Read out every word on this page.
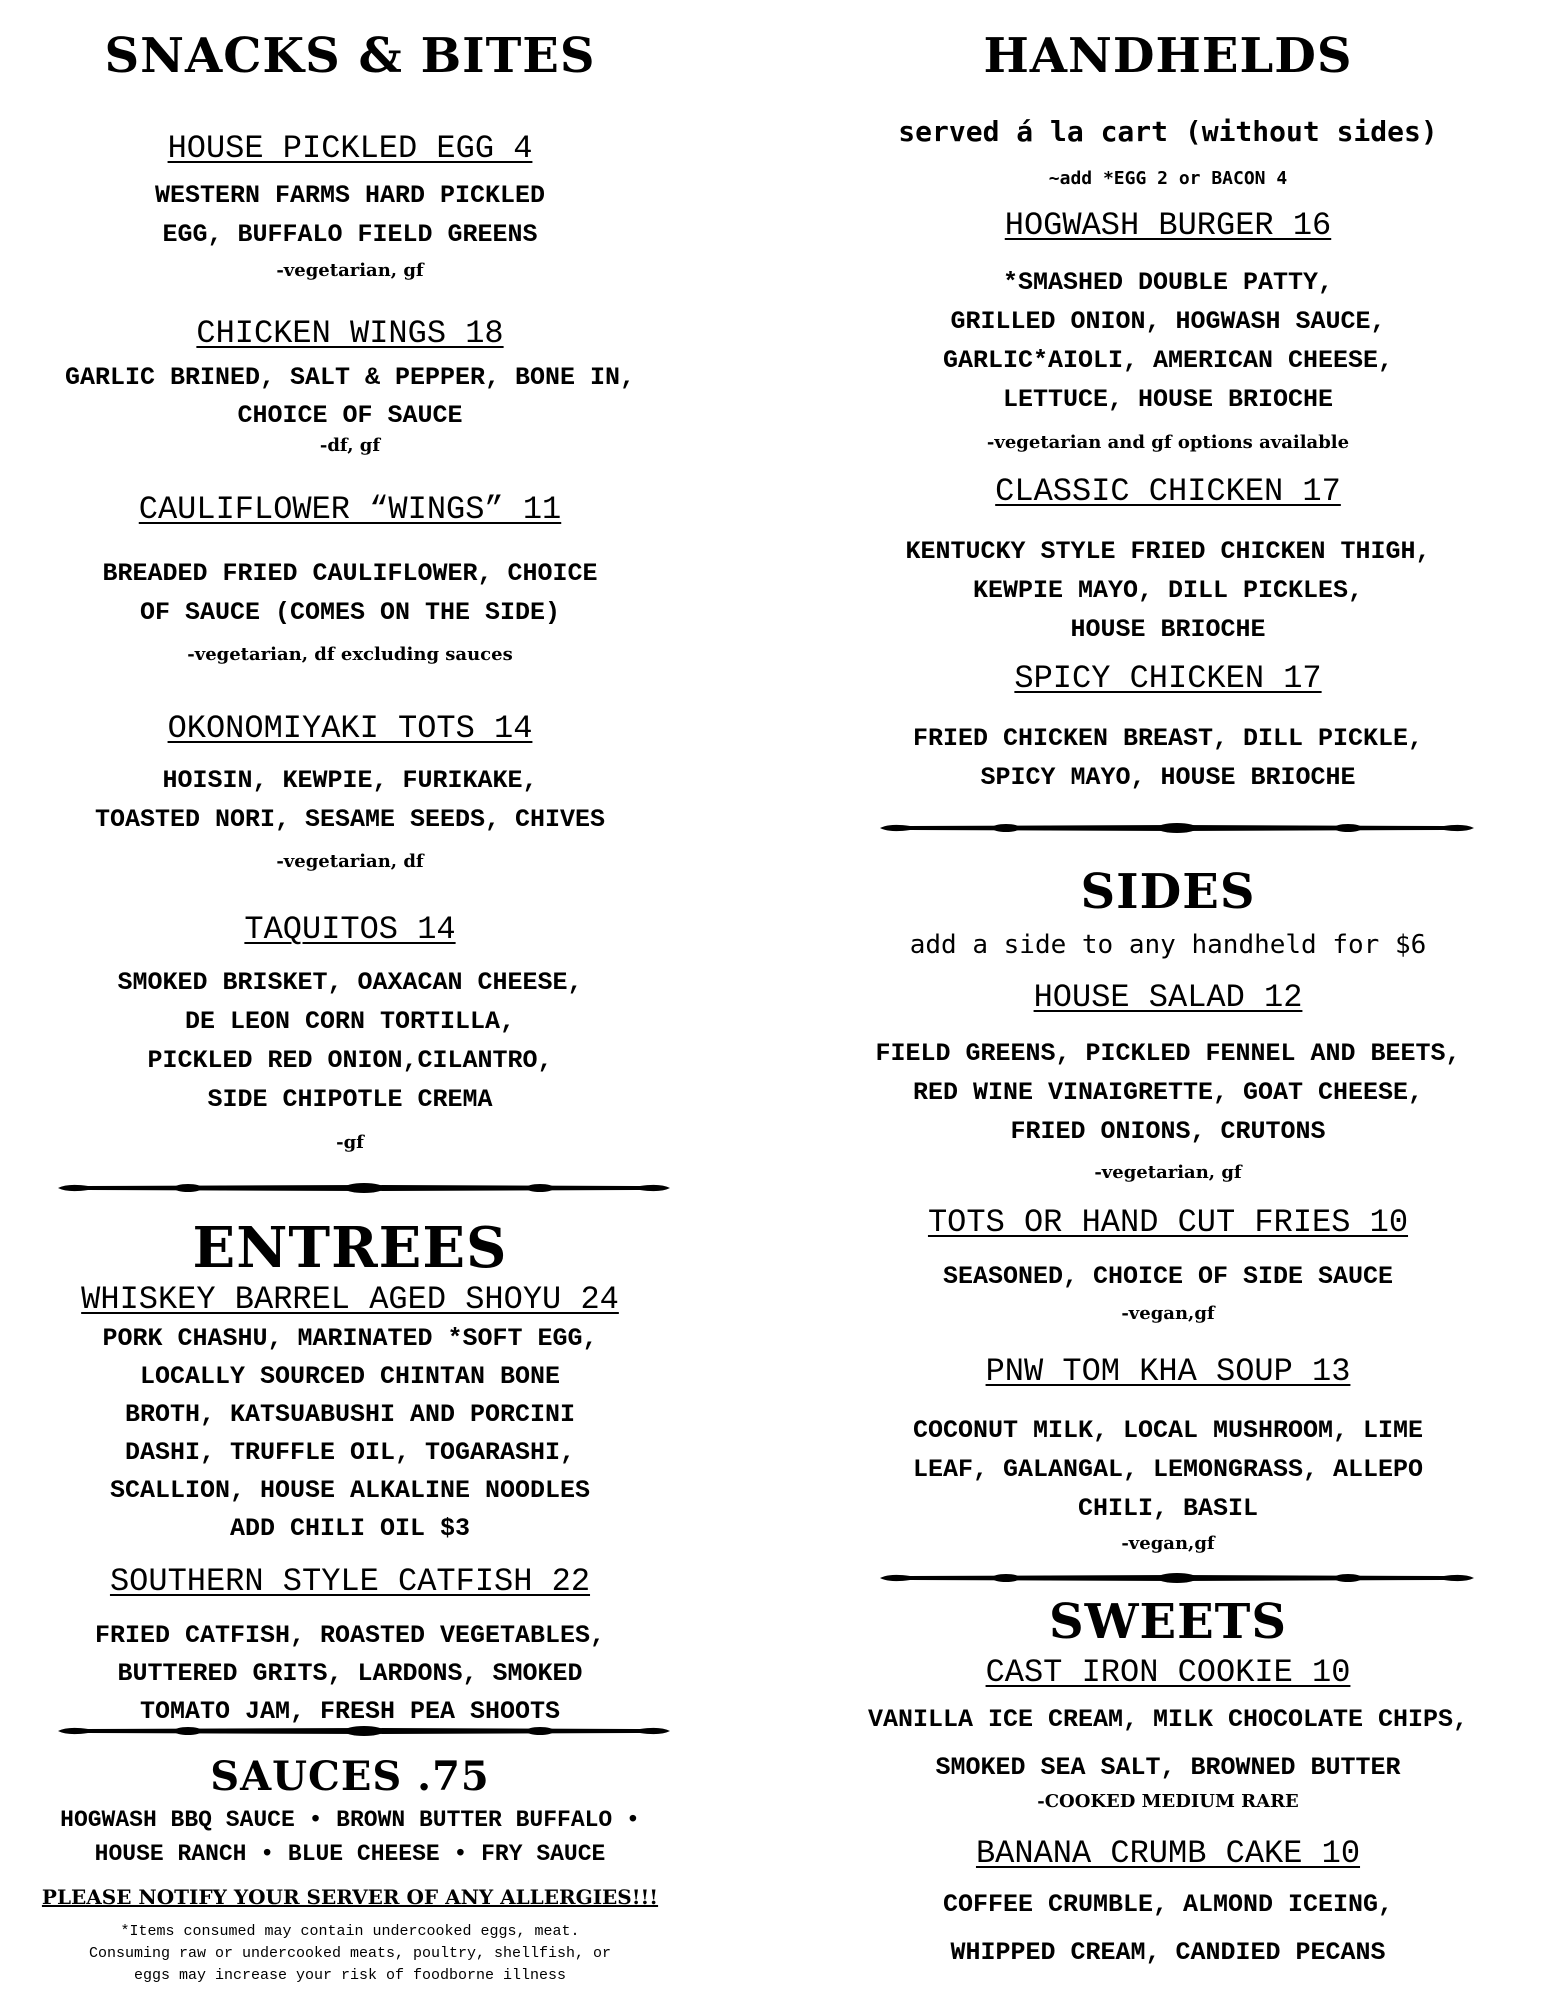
SNACKS & BITES
HOUSE PICKLED EGG 4
WESTERN FARMS HARD PICKLED
EGG, BUFFALO FIELD GREENS
-vegetarian, gf
CHICKEN WINGS 18
GARLIC BRINED, SALT & PEPPER, BONE IN,
CHOICE OF SAUCE
-df, gf
CAULIFLOWER “WINGS” 11
BREADED FRIED CAULIFLOWER, CHOICE
OF SAUCE (COMES ON THE SIDE)
-vegetarian, df excluding sauces
OKONOMIYAKI TOTS 14
HOISIN, KEWPIE, FURIKAKE,
TOASTED NORI, SESAME SEEDS, CHIVES
-vegetarian, df
TAQUITOS 14
SMOKED BRISKET, OAXACAN CHEESE,
DE LEON CORN TORTILLA,
PICKLED RED ONION,CILANTRO,
SIDE CHIPOTLE CREMA
-gf
ENTREES
WHISKEY BARREL AGED SHOYU 24
PORK CHASHU, MARINATED *SOFT EGG,
LOCALLY SOURCED CHINTAN BONE
BROTH, KATSUABUSHI AND PORCINI
DASHI, TRUFFLE OIL, TOGARASHI,
SCALLION, HOUSE ALKALINE NOODLES
ADD CHILI OIL $3
SOUTHERN STYLE CATFISH 22
FRIED CATFISH, ROASTED VEGETABLES,
BUTTERED GRITS, LARDONS, SMOKED
TOMATO JAM, FRESH PEA SHOOTS
SAUCES .75
HOGWASH BBQ SAUCE • BROWN BUTTER BUFFALO •
HOUSE RANCH • BLUE CHEESE • FRY SAUCE
PLEASE NOTIFY YOUR SERVER OF ANY ALLERGIES!!!
*Items consumed may contain undercooked eggs, meat.
Consuming raw or undercooked meats, poultry, shellfish, or
eggs may increase your risk of foodborne illness
HANDHELDS
served á la cart (without sides)
~add *EGG 2 or BACON 4
HOGWASH BURGER 16
*SMASHED DOUBLE PATTY,
GRILLED ONION, HOGWASH SAUCE,
GARLIC*AIOLI, AMERICAN CHEESE,
LETTUCE, HOUSE BRIOCHE
-vegetarian and gf options available
CLASSIC CHICKEN 17
KENTUCKY STYLE FRIED CHICKEN THIGH,
KEWPIE MAYO, DILL PICKLES,
HOUSE BRIOCHE
SPICY CHICKEN 17
FRIED CHICKEN BREAST, DILL PICKLE,
SPICY MAYO, HOUSE BRIOCHE
SIDES
add a side to any handheld for $6
HOUSE SALAD 12
FIELD GREENS, PICKLED FENNEL AND BEETS,
RED WINE VINAIGRETTE, GOAT CHEESE,
FRIED ONIONS, CRUTONS
-vegetarian, gf
TOTS OR HAND CUT FRIES 10
SEASONED, CHOICE OF SIDE SAUCE
-vegan,gf
PNW TOM KHA SOUP 13
COCONUT MILK, LOCAL MUSHROOM, LIME
LEAF, GALANGAL, LEMONGRASS, ALLEPO
CHILI, BASIL
-vegan,gf
SWEETS
CAST IRON COOKIE 10
VANILLA ICE CREAM, MILK CHOCOLATE CHIPS,

SMOKED SEA SALT, BROWNED BUTTER
-COOKED MEDIUM RARE
BANANA CRUMB CAKE 10
COFFEE CRUMBLE, ALMOND ICEING,

WHIPPED CREAM, CANDIED PECANS
